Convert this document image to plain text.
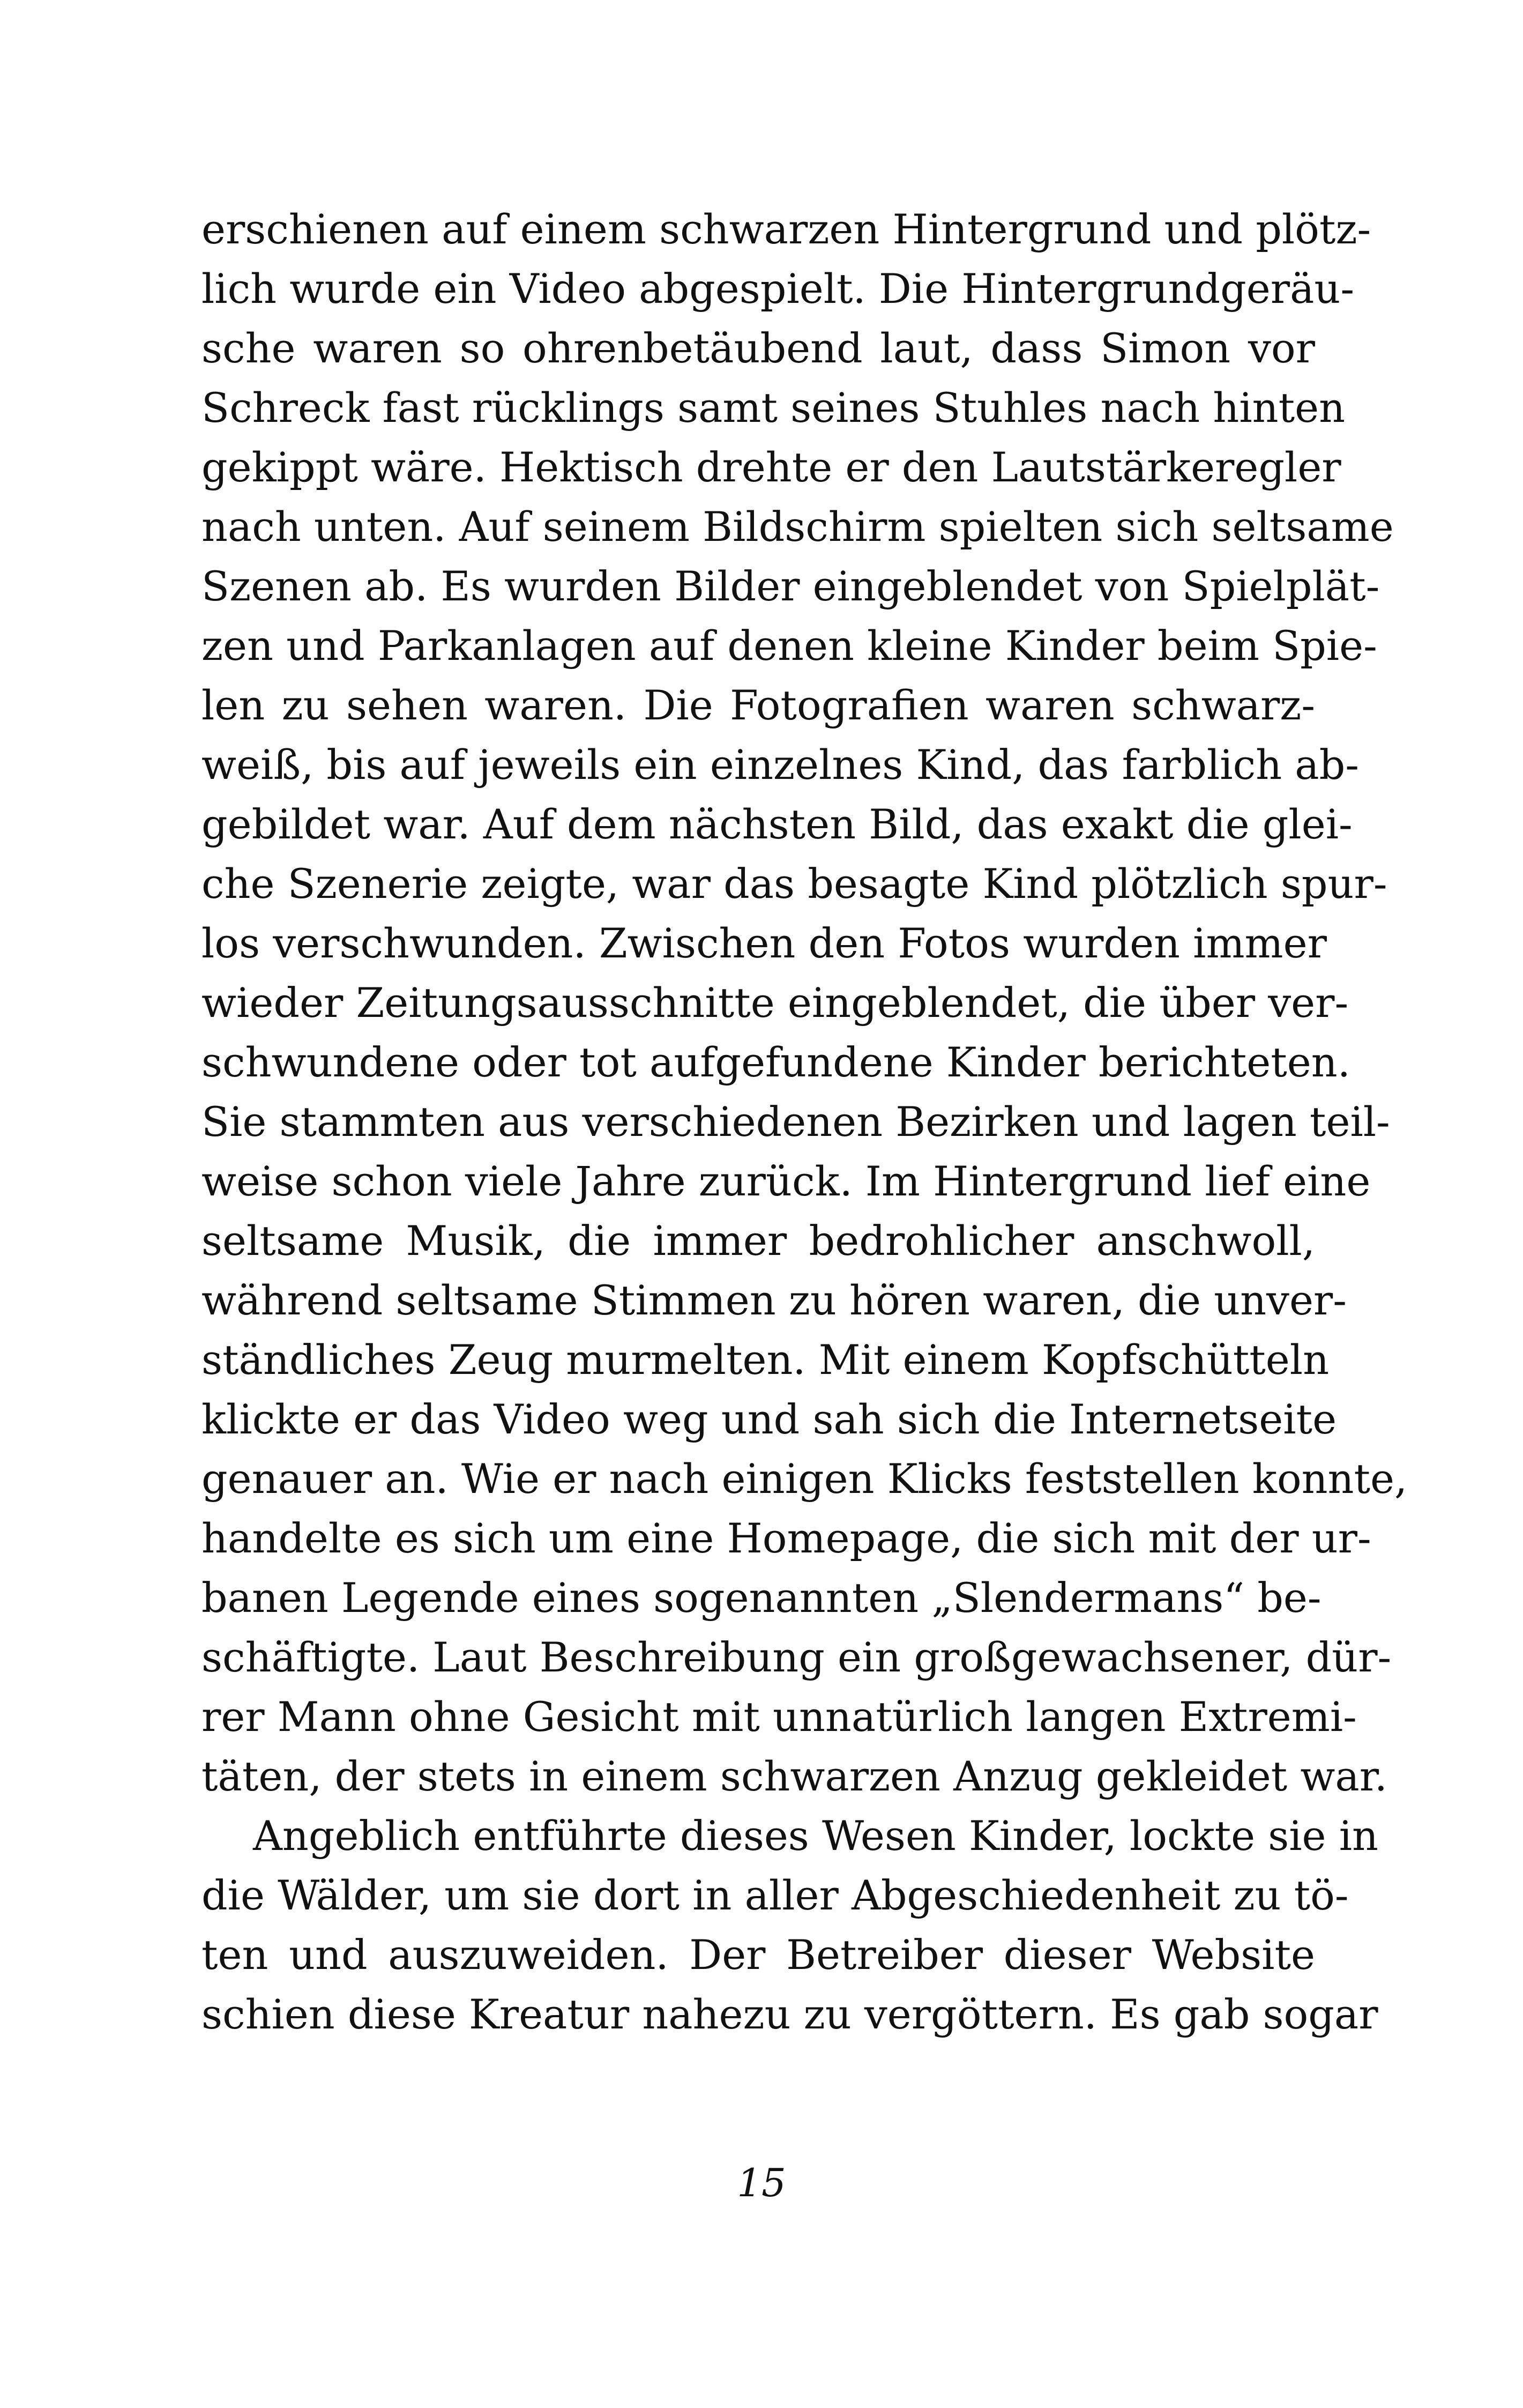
erschienen auf einem schwarzen Hintergrund und plötz-
lich wurde ein Video abgespielt. Die Hintergrundgeräu-
sche waren so ohrenbetäubend laut, dass Simon vor
Schreck fast rücklings samt seines Stuhles nach hinten
gekippt wäre. Hektisch drehte er den Lautstärkeregler
nach unten. Auf seinem Bildschirm spielten sich seltsame
Szenen ab. Es wurden Bilder eingeblendet von Spielplät-
zen und Parkanlagen auf denen kleine Kinder beim Spie-
len zu sehen waren. Die Fotografien waren schwarz-
weiß, bis auf jeweils ein einzelnes Kind, das farblich ab-
gebildet war. Auf dem nächsten Bild, das exakt die glei-
che Szenerie zeigte, war das besagte Kind plötzlich spur-
los verschwunden. Zwischen den Fotos wurden immer
wieder Zeitungsausschnitte eingeblendet, die über ver-
schwundene oder tot aufgefundene Kinder berichteten.
Sie stammten aus verschiedenen Bezirken und lagen teil-
weise schon viele Jahre zurück. Im Hintergrund lief eine
seltsame Musik, die immer bedrohlicher anschwoll,
während seltsame Stimmen zu hören waren, die unver-
ständliches Zeug murmelten. Mit einem Kopfschütteln
klickte er das Video weg und sah sich die Internetseite
genauer an. Wie er nach einigen Klicks feststellen konnte,
handelte es sich um eine Homepage, die sich mit der ur-
banen Legende eines sogenannten „Slendermans“ be-
schäftigte. Laut Beschreibung ein großgewachsener, dür-
rer Mann ohne Gesicht mit unnatürlich langen Extremi-
täten, der stets in einem schwarzen Anzug gekleidet war.
Angeblich entführte dieses Wesen Kinder, lockte sie in
die Wälder, um sie dort in aller Abgeschiedenheit zu tö-
ten und auszuweiden. Der Betreiber dieser Website
schien diese Kreatur nahezu zu vergöttern. Es gab sogar
15
